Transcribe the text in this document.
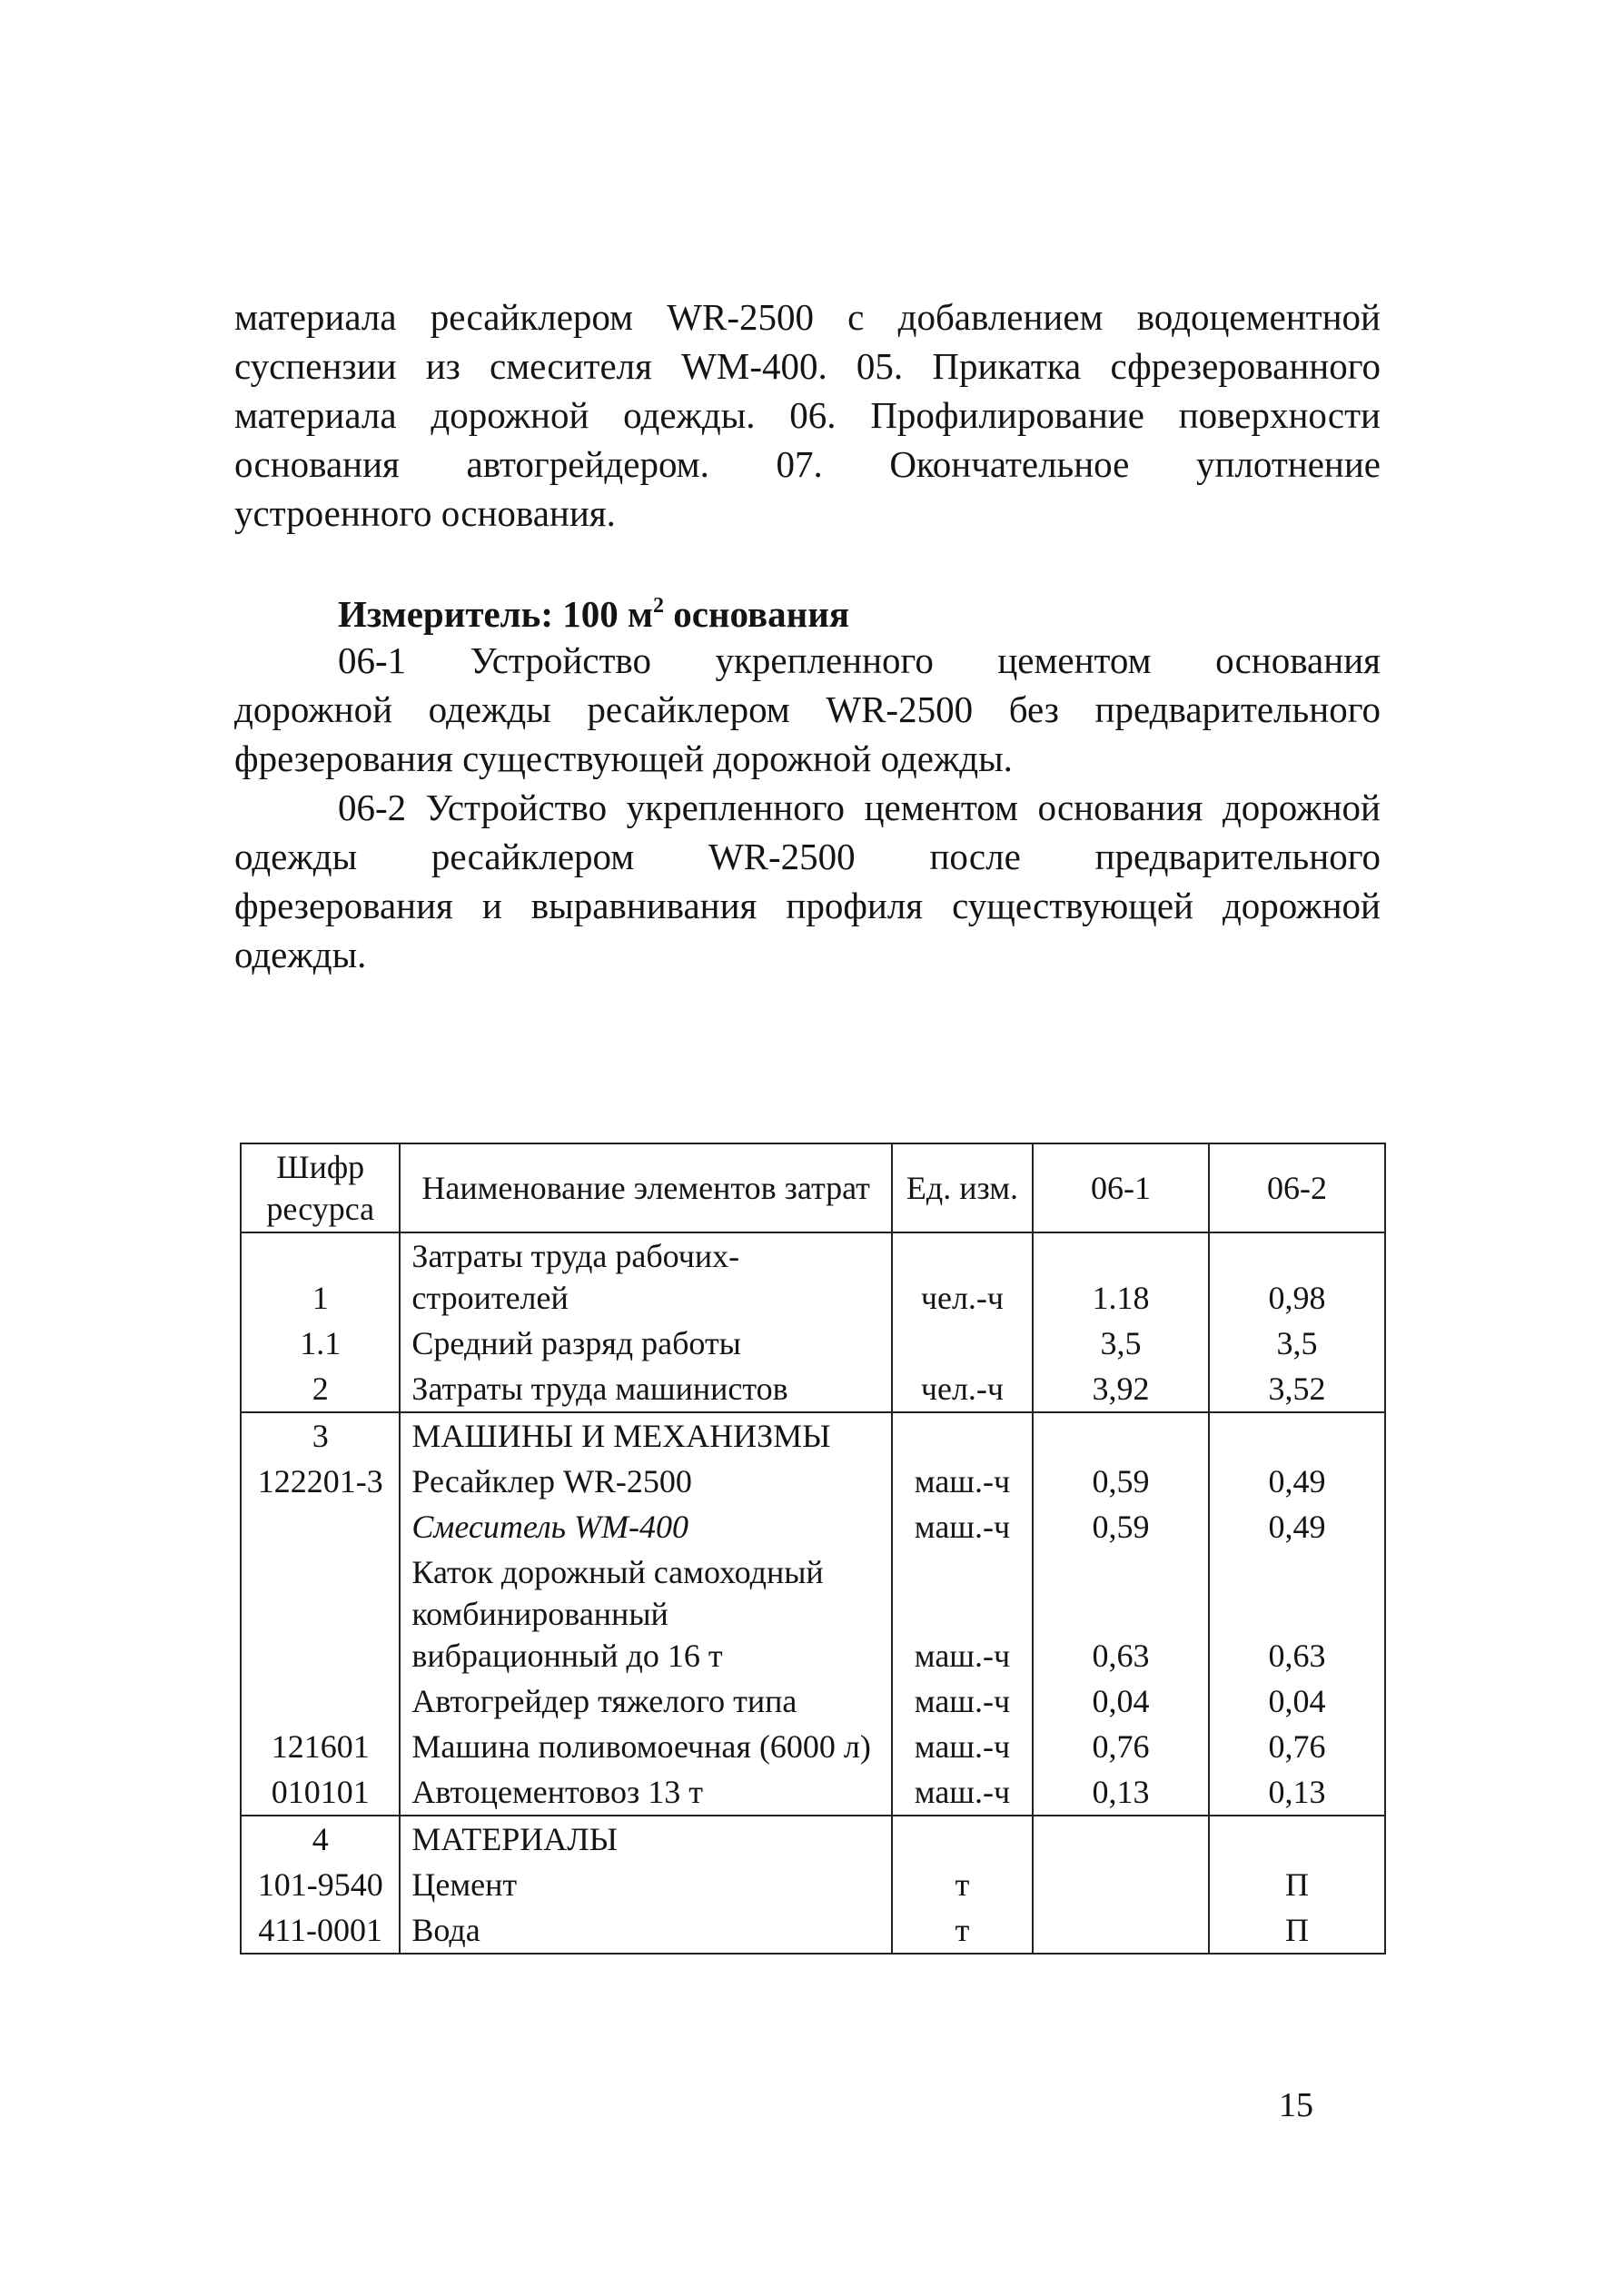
материала ресайклером WR-2500 с добавлением водоцементной
суспензии из смесителя WM-400. 05. Прикатка сфрезерованного
материала дорожной одежды. 06. Профилирование поверхности
основания автогрейдером. 07. Окончательное уплотнение
устроенного основания.

Измеритель: 100 $м^2$ основания

06-1 Устройство укрепленного цементом основания
дорожной одежды ресайклером WR-2500 без предварительного
фрезерования существующей дорожной одежды.

06-2 Устройство укрепленного цементом основания дорожной
одежды ресайклером WR-2500 после предварительного
фрезерования и выравнивания профиля существующей дорожной
одежды.

Шифр ресурса	Наименование элементов затрат	Ед. изм.	06-1	06-2
1	Затраты труда рабочих-строителей	чел.-ч	1.18	0,98
1.1	Средний разряд работы		3,5	3,5
2	Затраты труда машинистов	чел.-ч	3,92	3,52
3	МАШИНЫ И МЕХАНИЗМЫ			
122201-3	Ресайклер WR-2500	маш.-ч	0,59	0,49
	Смеситель WM-400	маш.-ч	0,59	0,49
	Каток дорожный самоходный комбинированный вибрационный до 16 т	маш.-ч	0,63	0,63
	Автогрейдер тяжелого типа	маш.-ч	0,04	0,04
121601	Машина поливомоечная (6000 л)	маш.-ч	0,76	0,76
010101	Автоцементовоз 13 т	маш.-ч	0,13	0,13
4	МАТЕРИАЛЫ			
101-9540	Цемент	т		П
411-0001	Вода	т		П
15
